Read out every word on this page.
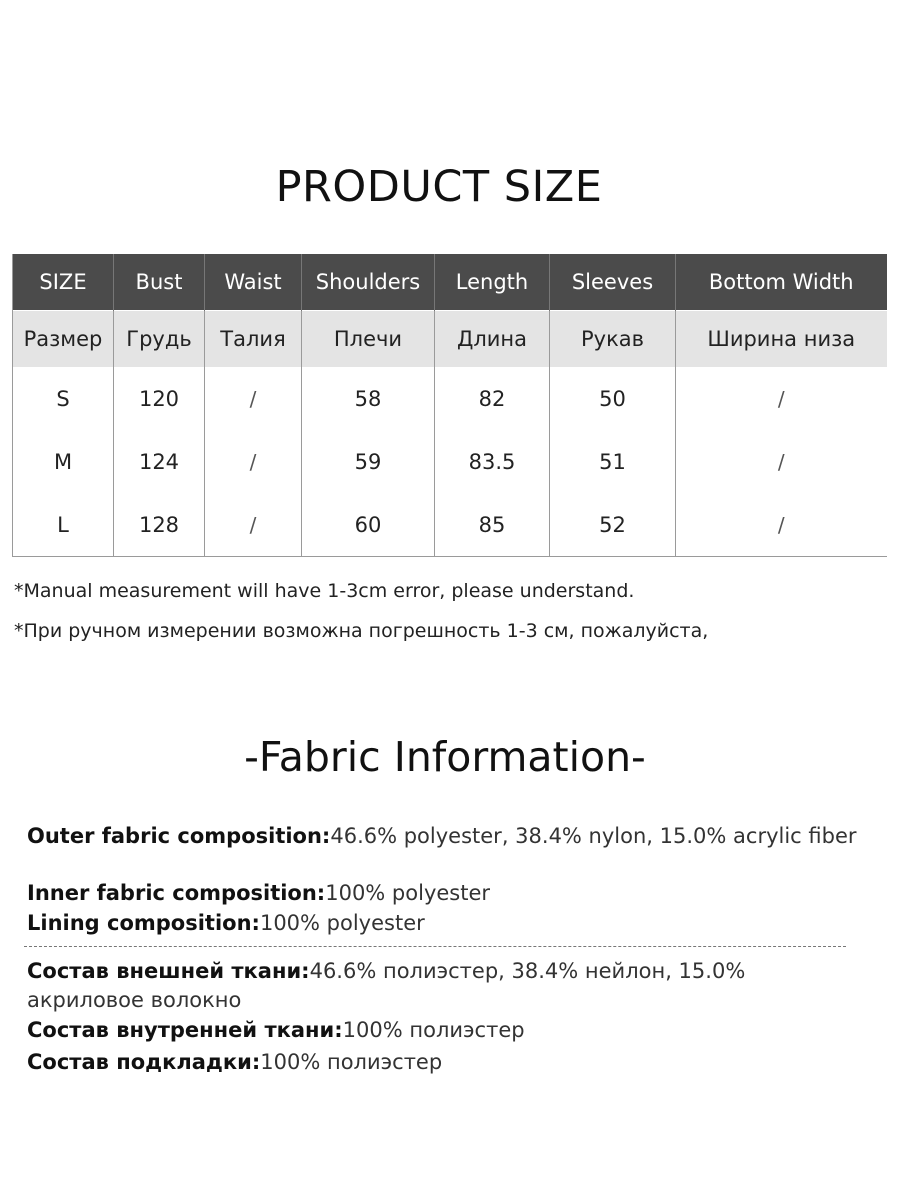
PRODUCT SIZE
SIZE	Bust	Waist	Shoulders	Length	Sleeves	Bottom Width
Размер	Грудь	Талия	Плечи	Длина	Рукав	Ширина низа
S	120	/	58	82	50	/
M	124	/	59	83.5	51	/
L	128	/	60	85	52	/
*Manual measurement will have 1-3cm error, please understand.
*При ручном измерении возможна погрешность 1-3 см, пожалуйста,
-Fabric Information-
Outer fabric composition:46.6% polyester, 38.4% nylon, 15.0% acrylic fiber
Inner fabric composition:100% polyester
Lining composition:100% polyester
Состав внешней ткани:46.6% полиэстер, 38.4% нейлон, 15.0% акриловое волокно
Состав внутренней ткани:100% полиэстер
Состав подкладки:100% полиэстер
